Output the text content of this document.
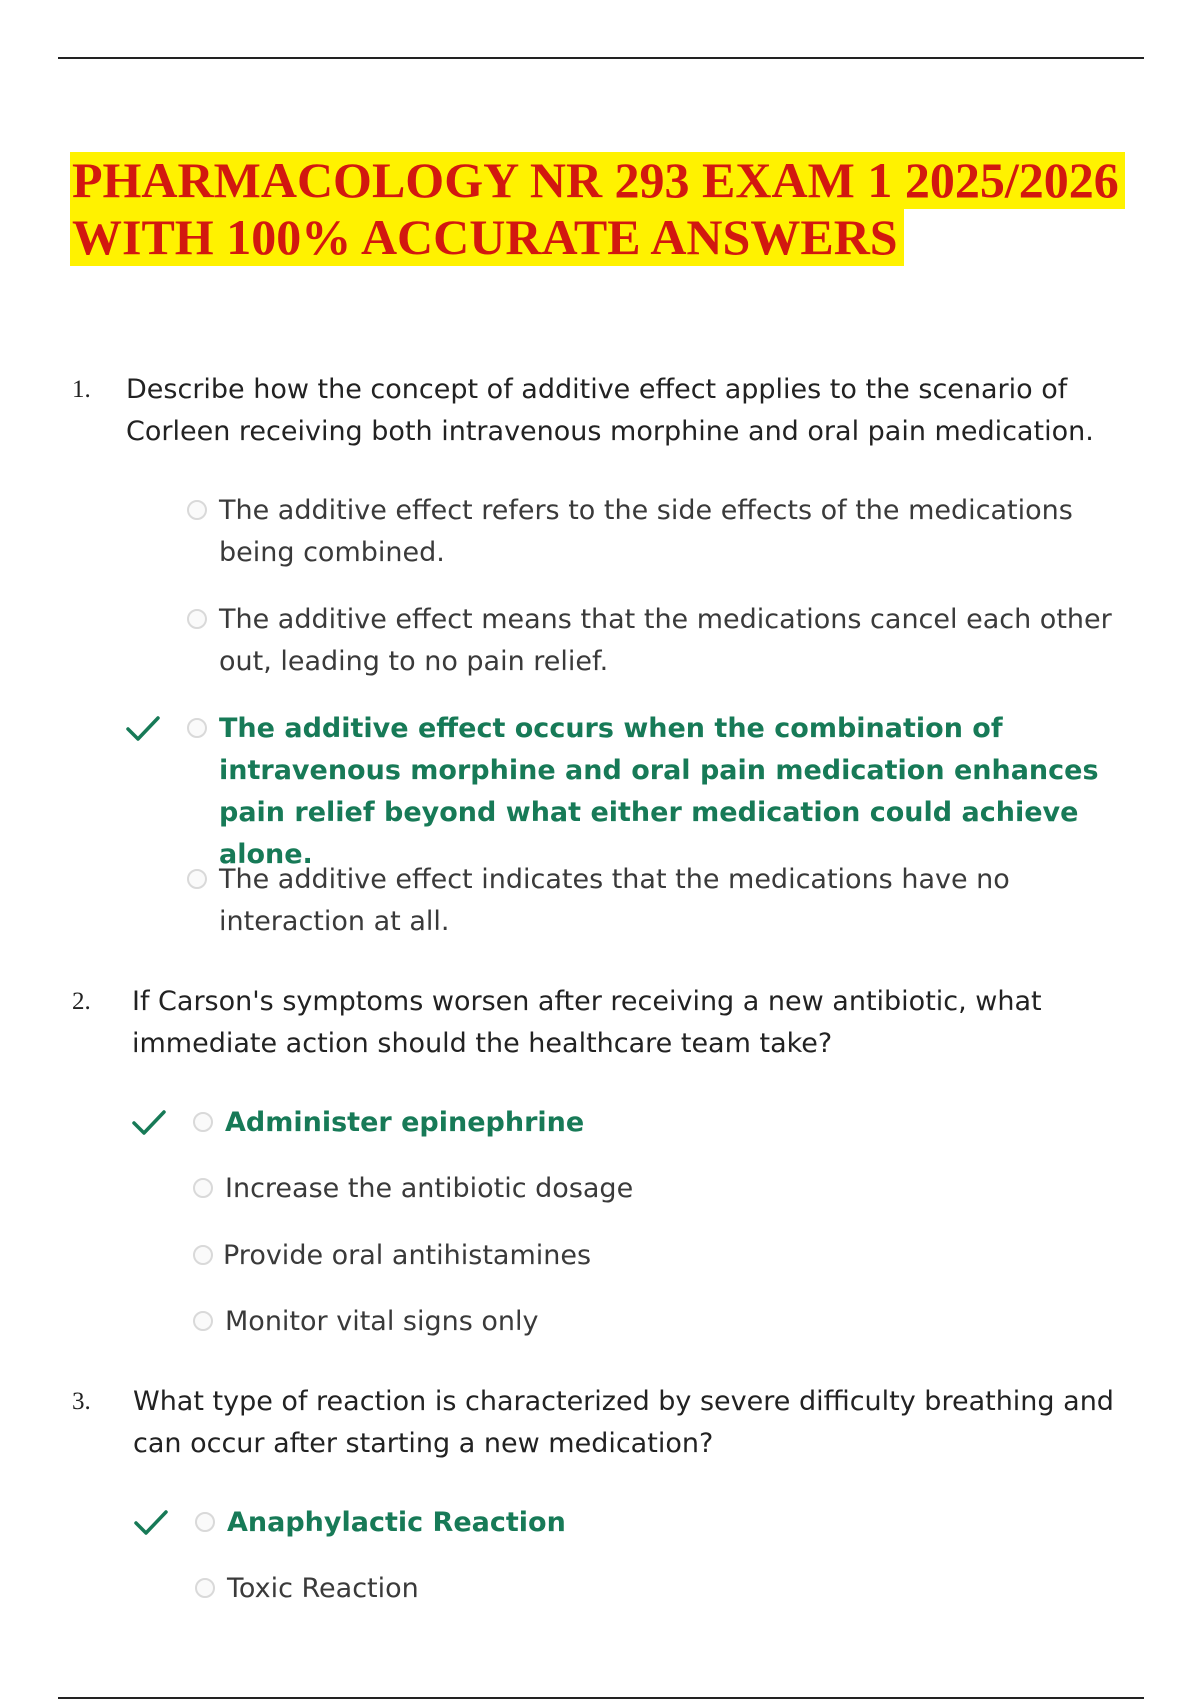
PHARMACOLOGY NR 293 EXAM 1 2025/2026
WITH 100% ACCURATE ANSWERS
1. Describe how the concept of additive effect applies to the scenario of Corleen receiving both intravenous morphine and oral pain medication.
The additive effect refers to the side effects of the medications being combined.
The additive effect means that the medications cancel each other out, leading to no pain relief.
The additive effect occurs when the combination of intravenous morphine and oral pain medication enhances pain relief beyond what either medication could achieve alone.
The additive effect indicates that the medications have no interaction at all.
2. If Carson's symptoms worsen after receiving a new antibiotic, what immediate action should the healthcare team take?
Administer epinephrine
Increase the antibiotic dosage
Provide oral antihistamines
Monitor vital signs only
3. What type of reaction is characterized by severe difficulty breathing and can occur after starting a new medication?
Anaphylactic Reaction
Toxic Reaction
